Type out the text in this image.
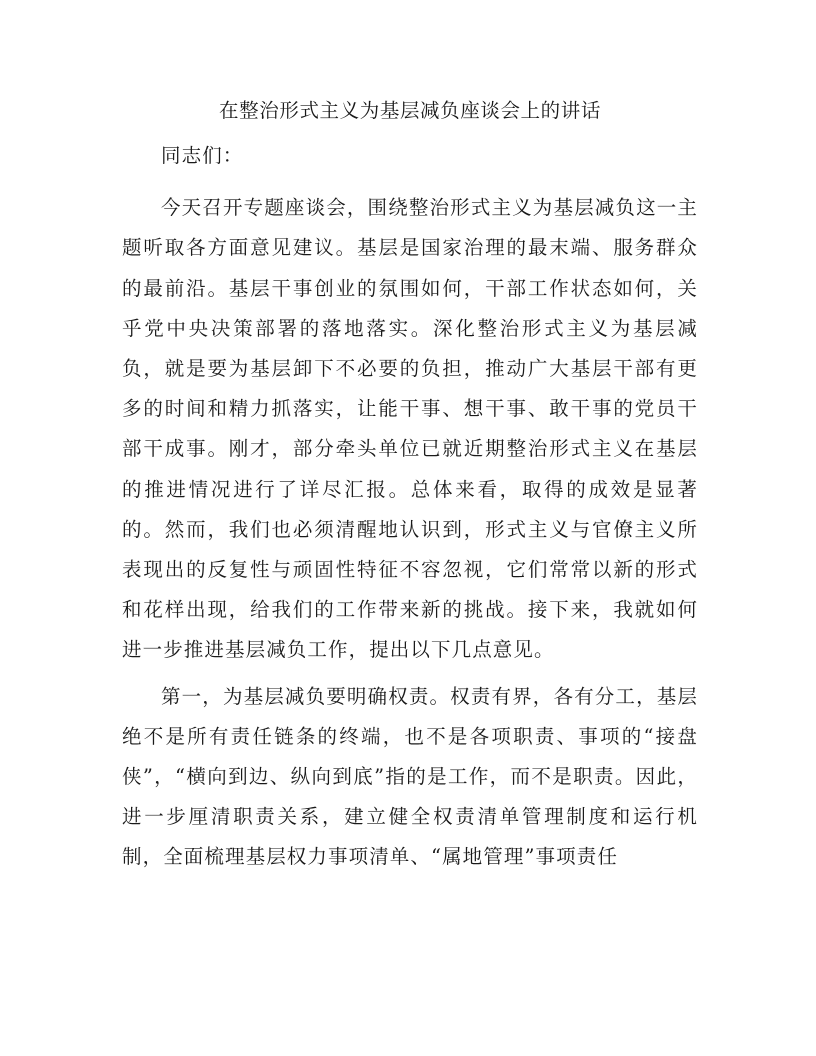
在整治形式主义为基层减负座谈会上的讲话
同志们：
今天召开专题座谈会，围绕整治形式主义为基层减负这一主题听取各方面意见建议。基层是国家治理的最末端、服务群众的最前沿。基层干事创业的氛围如何，干部工作状态如何，关乎党中央决策部署的落地落实。深化整治形式主义为基层减负，就是要为基层卸下不必要的负担，推动广大基层干部有更多的时间和精力抓落实，让能干事、想干事、敢干事的党员干部干成事。刚才，部分牵头单位已就近期整治形式主义在基层的推进情况进行了详尽汇报。总体来看，取得的成效是显著的。然而，我们也必须清醒地认识到，形式主义与官僚主义所表现出的反复性与顽固性特征不容忽视，它们常常以新的形式和花样出现，给我们的工作带来新的挑战。接下来，我就如何进一步推进基层减负工作，提出以下几点意见。
第一，为基层减负要明确权责。权责有界，各有分工，基层绝不是所有责任链条的终端，也不是各项职责、事项的“接盘侠”，“横向到边、纵向到底”指的是工作，而不是职责。因此，进一步厘清职责关系，建立健全权责清单管理制度和运行机制，全面梳理基层权力事项清单、“属地管理”事项责任
